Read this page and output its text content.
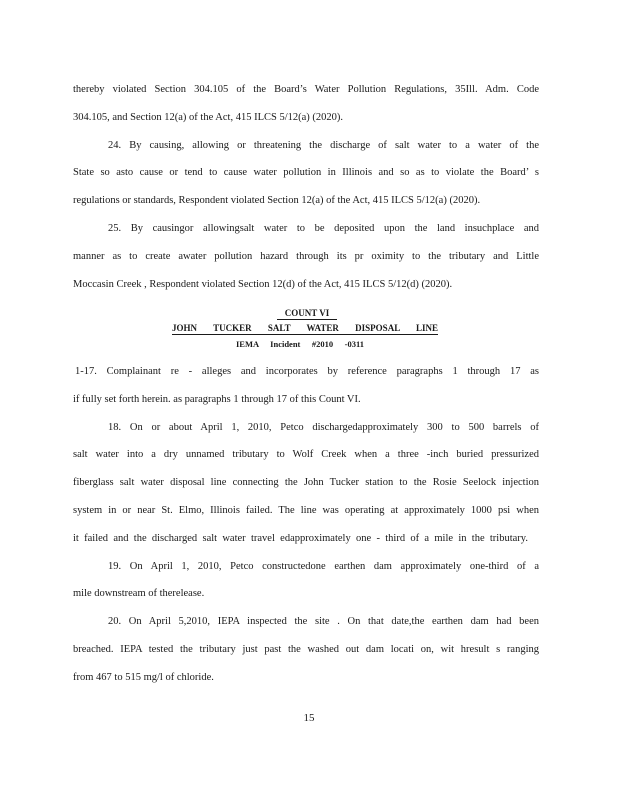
thereby violated Section 304.105 of the Board’s Water Pollution Regulations, 35Ill. Adm. Code
304.105, and Section 12(a) of the Act, 415 ILCS 5/12(a) (2020).
24. By causing, allowing or threatening the discharge of salt water to a water of the
State so asto cause or tend to cause water pollution in Illinois and so as to violate the Board’ s
regulations or standards, Respondent violated Section 12(a) of the Act, 415 ILCS 5/12(a) (2020).
25. By causingor allowingsalt water to be deposited upon the land insuchplace and
manner as to create awater pollution hazard through its pr oximity to the tributary and Little
Moccasin Creek , Respondent violated Section 12(d) of the Act, 415 ILCS 5/12(d) (2020).
COUNT VI
JOHN TUCKER SALT WATER DISPOSAL LINE
IEMA Incident #2010 -0311
1-17. Complainant re - alleges and incorporates by reference paragraphs 1 through 17 as
if fully set forth herein. as paragraphs 1 through 17 of this Count VI.
18. On or about April 1, 2010, Petco dischargedapproximately 300 to 500 barrels of
salt water into a dry unnamed tributary to Wolf Creek when a three -inch buried pressurized
fiberglass salt water disposal line connecting the John Tucker station to the Rosie Seelock injection
system in or near St. Elmo, Illinois failed. The line was operating at approximately 1000 psi when
it failed and the discharged salt water travel edapproximately one - third of a mile in the tributary.
19. On April 1, 2010, Petco constructedone earthen dam approximately one-third of a
mile downstream of therelease.
20. On April 5,2010, IEPA inspected the site . On that date,the earthen dam had been
breached. IEPA tested the tributary just past the washed out dam locati on, wit hresult s ranging
from 467 to 515 mg/l of chloride.
15
